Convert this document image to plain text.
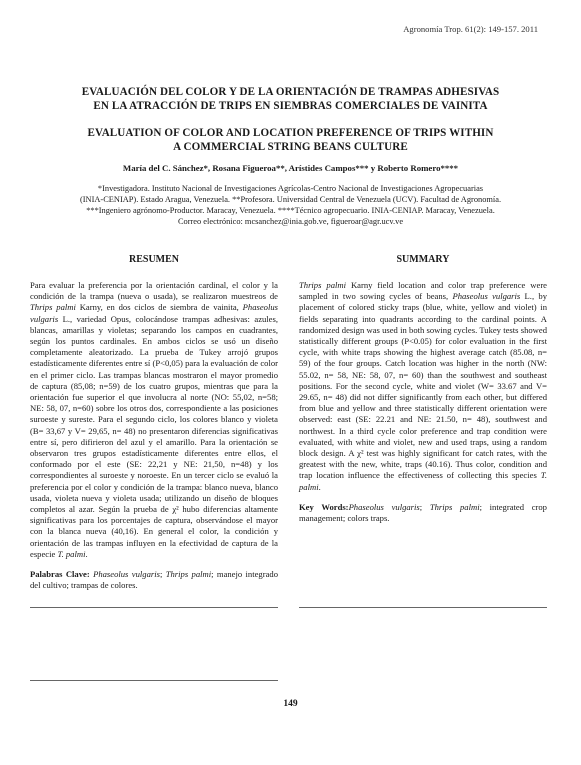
Agronomía Trop. 61(2): 149-157. 2011
EVALUACIÓN DEL COLOR Y DE LA ORIENTACIÓN DE TRAMPAS ADHESIVAS
EN LA ATRACCIÓN DE TRIPS EN SIEMBRAS COMERCIALES DE VAINITA
EVALUATION OF COLOR AND LOCATION PREFERENCE OF TRIPS WITHIN
A COMMERCIAL STRING BEANS CULTURE
María del C. Sánchez*, Rosana Figueroa**, Arístides Campos*** y Roberto Romero****
*Investigadora. Instituto Nacional de Investigaciones Agrícolas-Centro Nacional de Investigaciones Agropecuarias
(INIA-CENIAP). Estado Aragua, Venezuela. **Profesora. Universidad Central de Venezuela (UCV). Facultad de Agronomía.
***Ingeniero agrónomo-Productor. Maracay, Venezuela. ****Técnico agropecuario. INIA-CENIAP. Maracay, Venezuela.
Correo electrónico: mcsanchez@inia.gob.ve, figueroar@agr.ucv.ve
RESUMEN

Para evaluar la preferencia por la orientación cardinal, el color y la condición de la trampa (nueva o usada), se realizaron muestreos de Thrips palmi Karny, en dos ciclos de siembra de vainita, Phaseolus vulgaris L., variedad Opus, colocándose trampas adhesivas: azules, blancas, amarillas y violetas; separando los campos en cuadrantes, según los puntos cardinales. En ambos ciclos se usó un diseño completamente aleatorizado. La prueba de Tukey arrojó grupos estadísticamente diferentes entre sí (P<0,05) para la evaluación de color en el primer ciclo. Las trampas blancas mostraron el mayor promedio de captura (85,08; n=59) de los cuatro grupos, mientras que para la orientación fue superior el que involucra al norte (NO: 55,02, n=58; NE: 58, 07, n=60) sobre los otros dos, correspondiente a las posiciones suroeste y sureste. Para el segundo ciclo, los colores blanco y violeta (B= 33,67 y V= 29,65, n= 48) no presentaron diferencias significativas entre sí, pero difirieron del azul y el amarillo. Para la orientación se observaron tres grupos estadísticamente diferentes entre ellos, el conformado por el este (SE: 22,21 y NE: 21,50, n=48) y los correspondientes al suroeste y noroeste. En un tercer ciclo se evaluó la preferencia por el color y condición de la trampa: blanco nueva, blanco usada, violeta nueva y violeta usada; utilizando un diseño de bloques completos al azar. Según la prueba de χ² hubo diferencias altamente significativas para los porcentajes de captura, observándose el mayor con la blanca nueva (40,16). En general el color, la condición y orientación de las trampas influyen en la efectividad de captura de la especie T. palmi.

Palabras Clave: Phaseolus vulgaris; Thrips palmi; manejo integrado del cultivo; trampas de colores.

SUMMARY

Thrips palmi Karny field location and color trap preference were sampled in two sowing cycles of beans, Phaseolus vulgaris L., by placement of colored sticky traps (blue, white, yellow and violet) in fields separating into quadrants according to the cardinal points. A randomized design was used in both sowing cycles. Tukey tests showed statistically different groups (P<0.05) for color evaluation in the first cycle, with white traps showing the highest average catch (85.08, n= 59) of the four groups. Catch location was higher in the north (NW: 55.02, n= 58, NE: 58, 07, n= 60) than the southwest and southeast positions. For the second cycle, white and violet (W= 33.67 and V= 29.65, n= 48) did not differ significantly from each other, but differed from blue and yellow and three statistically different orientation were observed: east (SE: 22.21 and NE: 21.50, n= 48), southwest and northwest. In a third cycle color preference and trap condition were evaluated, with white and violet, new and used traps, using a random block design. A χ² test was highly significant for catch rates, with the greatest with the new, white, traps (40.16). Thus color, condition and trap location influence the effectiveness of collecting this species T. palmi.

Key Words:Phaseolus vulgaris; Thrips palmi; integrated crop management; colors traps.

149
